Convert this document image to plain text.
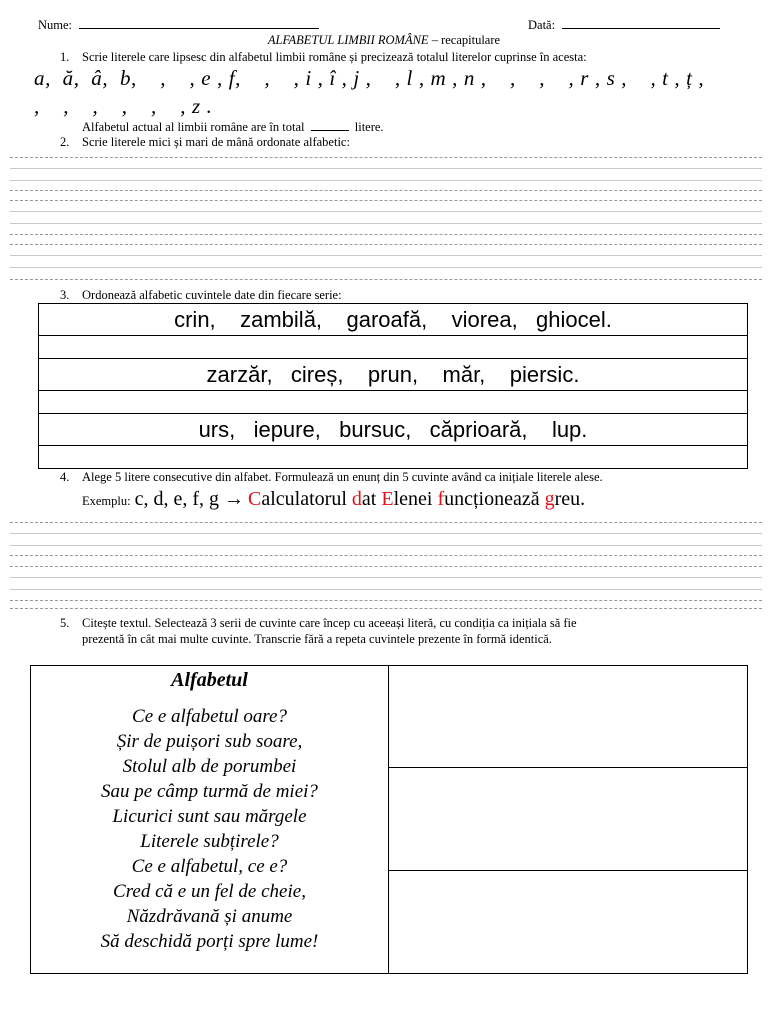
Nume:	Dată:
ALFABETUL LIMBII ROMÂNE – recapitulare
1. Scrie literele care lipsesc din alfabetul limbii române și precizează totalul literelor cuprinse în acesta:
a,  ă,  â,  b,    ,    , e , f,    ,    , i , î , j ,    , l , m , n ,    ,    ,    , r , s ,    , t , ț ,
,    ,    ,    ,    ,    , z .
Alfabetul actual al limbii române are în total	litere.
2. Scrie literele mici și mari de mână ordonate alfabetic:
3. Ordonează alfabetic cuvintele date din fiecare serie:
crin,    zambilă,    garoafă,    viorea,   ghiocel.

zarzăr,   cireș,    prun,    măr,    piersic.

urs,   iepure,   bursuc,   căprioară,    lup.

4. Alege 5 litere consecutive din alfabet. Formulează un enunț din 5 cuvinte având ca inițiale literele alese.
Exemplu: c, d, e, f, g → Calculatorul dat Elenei funcționează greu.
5. Citește textul. Selectează 3 serii de cuvinte care încep cu aceeași literă, cu condiția ca inițiala să fie
prezentă în cât mai multe cuvinte. Transcrie fără a repeta cuvintele prezente în formă identică.
Alfabetul
Ce e alfabetul oare?
Șir de puișori sub soare,
Stolul alb de porumbei
Sau pe câmp turmă de miei?
Licurici sunt sau mărgele
Literele subțirele?
Ce e alfabetul, ce e?
Cred că e un fel de cheie,
Năzdrăvană și anume
Să deschidă porți spre lume!
